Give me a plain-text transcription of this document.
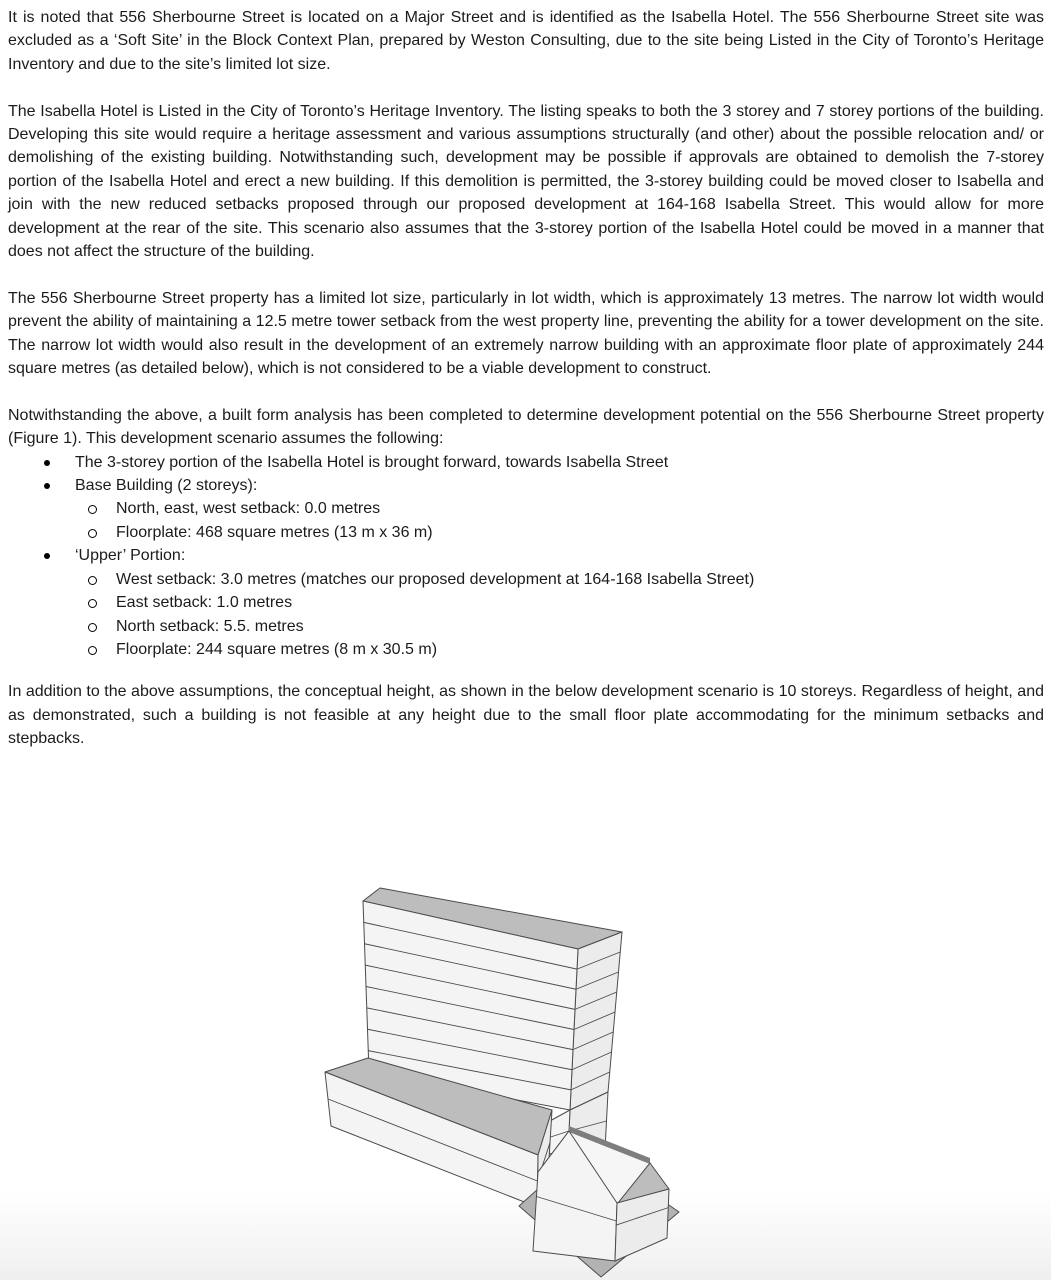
It is noted that 556 Sherbourne Street is located on a Major Street and is identified as the Isabella Hotel. The 556 Sherbourne Street site was excluded as a ‘Soft Site’ in the Block Context Plan, prepared by Weston Consulting, due to the site being Listed in the City of Toronto’s Heritage Inventory and due to the site’s limited lot size.

The Isabella Hotel is Listed in the City of Toronto’s Heritage Inventory. The listing speaks to both the 3 storey and 7 storey portions of the building. Developing this site would require a heritage assessment and various assumptions structurally (and other) about the possible relocation and/ or demolishing of the existing building. Notwithstanding such, development may be possible if approvals are obtained to demolish the 7-storey portion of the Isabella Hotel and erect a new building. If this demolition is permitted, the 3-storey building could be moved closer to Isabella and join with the new reduced setbacks proposed through our proposed development at 164-168 Isabella Street. This would allow for more development at the rear of the site. This scenario also assumes that the 3-storey portion of the Isabella Hotel could be moved in a manner that does not affect the structure of the building.

The 556 Sherbourne Street property has a limited lot size, particularly in lot width, which is approximately 13 metres. The narrow lot width would prevent the ability of maintaining a 12.5 metre tower setback from the west property line, preventing the ability for a tower development on the site. The narrow lot width would also result in the development of an extremely narrow building with an approximate floor plate of approximately 244 square metres (as detailed below), which is not considered to be a viable development to construct.

Notwithstanding the above, a built form analysis has been completed to determine development potential on the 556 Sherbourne Street property (Figure 1). This development scenario assumes the following:

The 3-storey portion of the Isabella Hotel is brought forward, towards Isabella Street
Base Building (2 storeys):
North, east, west setback: 0.0 metres
Floorplate: 468 square metres (13 m x 36 m)
‘Upper’ Portion:
West setback: 3.0 metres (matches our proposed development at 164-168 Isabella Street)
East setback: 1.0 metres
North setback: 5.5. metres
Floorplate: 244 square metres (8 m x 30.5 m)

In addition to the above assumptions, the conceptual height, as shown in the below development scenario is 10 storeys. Regardless of height, and as demonstrated, such a building is not feasible at any height due to the small floor plate accommodating for the minimum setbacks and stepbacks.
